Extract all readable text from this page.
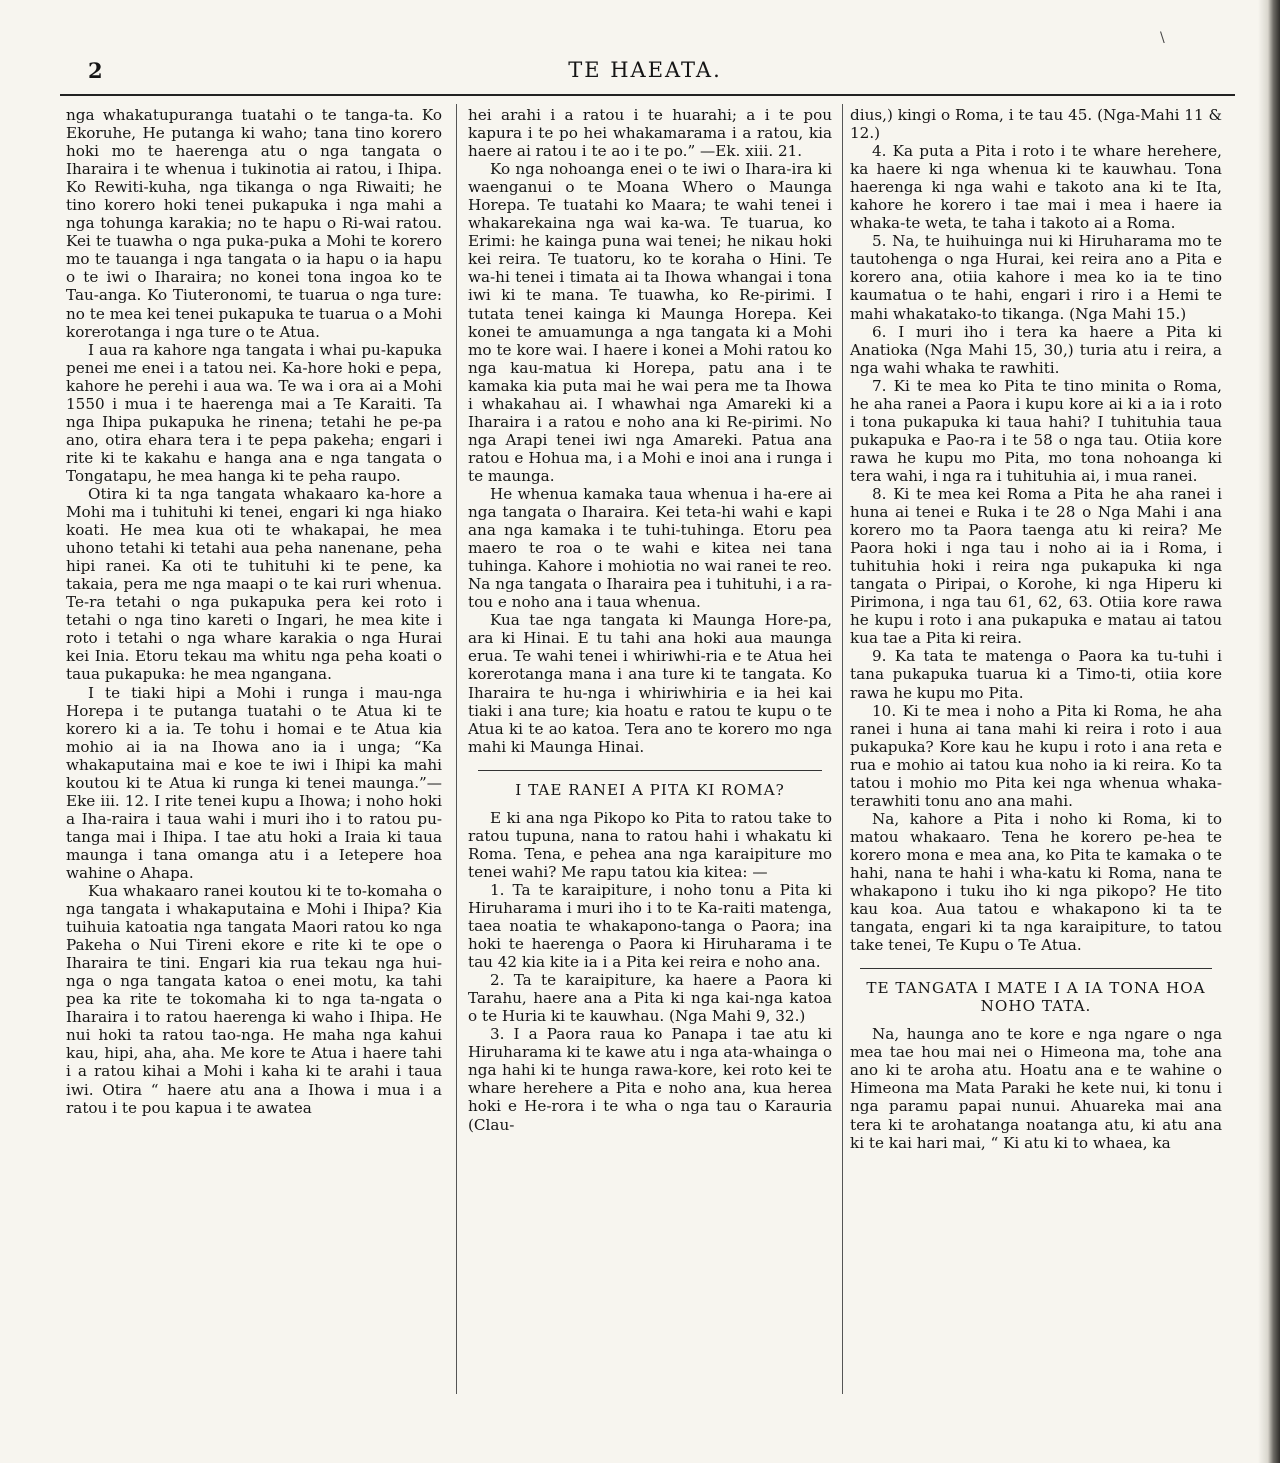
\
2	TE HAEATA.

nga whakatupuranga tuatahi o te tanga-ta. Ko Ekoruhe, He putanga ki waho; tana tino korero hoki mo te haerenga atu o nga tangata o Iharaira i te whenua i tukinotia ai ratou, i Ihipa. Ko Rewiti-kuha, nga tikanga o nga Riwaiti; he tino korero hoki tenei pukapuka i nga mahi a nga tohunga karakia; no te hapu o Ri-wai ratou. Kei te tuawha o nga puka-puka a Mohi te korero mo te tauanga i nga tangata o ia hapu o ia hapu o te iwi o Iharaira; no konei tona ingoa ko te Tau-anga. Ko Tiuteronomi, te tuarua o nga ture: no te mea kei tenei pukapuka te tuarua o a Mohi korerotanga i nga ture o te Atua.

I aua ra kahore nga tangata i whai pu-kapuka penei me enei i a tatou nei. Ka-hore hoki e pepa, kahore he perehi i aua wa. Te wa i ora ai a Mohi 1550 i mua i te haerenga mai a Te Karaiti. Ta nga Ihipa pukapuka he rinena; tetahi he pe-pa ano, otira ehara tera i te pepa pakeha; engari i rite ki te kakahu e hanga ana e nga tangata o Tongatapu, he mea hanga ki te peha raupo.

Otira ki ta nga tangata whakaaro ka-hore a Mohi ma i tuhituhi ki tenei, engari ki nga hiako koati. He mea kua oti te whakapai, he mea uhono tetahi ki tetahi aua peha nanenane, peha hipi ranei. Ka oti te tuhituhi ki te pene, ka takaia, pera me nga maapi o te kai ruri whenua. Te-ra tetahi o nga pukapuka pera kei roto i tetahi o nga tino kareti o Ingari, he mea kite i roto i tetahi o nga whare karakia o nga Hurai kei Inia. Etoru tekau ma whitu nga peha koati o taua pukapuka: he mea ngangana.

I te tiaki hipi a Mohi i runga i mau-nga Horepa i te putanga tuatahi o te Atua ki te korero ki a ia. Te tohu i homai e te Atua kia mohio ai ia na Ihowa ano ia i unga; “Ka whakaputaina mai e koe te iwi i Ihipi ka mahi koutou ki te Atua ki runga ki tenei maunga.”—Eke iii. 12. I rite tenei kupu a Ihowa; i noho hoki a Iha-raira i taua wahi i muri iho i to ratou pu-tanga mai i Ihipa. I tae atu hoki a Iraia ki taua maunga i tana omanga atu i a Ietepere hoa wahine o Ahapa.

Kua whakaaro ranei koutou ki te to-komaha o nga tangata i whakaputaina e Mohi i Ihipa? Kia tuihuia katoatia nga tangata Maori ratou ko nga Pakeha o Nui Tireni ekore e rite ki te ope o Iharaira te tini. Engari kia rua tekau nga hui-nga o nga tangata katoa o enei motu, ka tahi pea ka rite te tokomaha ki to nga ta-ngata o Iharaira i to ratou haerenga ki waho i Ihipa. He nui hoki ta ratou tao-nga. He maha nga kahui kau, hipi, aha, aha. Me kore te Atua i haere tahi i a ratou kihai a Mohi i kaha ki te arahi i taua iwi. Otira “ haere atu ana a Ihowa i mua i a ratou i te pou kapua i te awatea

hei arahi i a ratou i te huarahi; a i te pou kapura i te po hei whakamarama i a ratou, kia haere ai ratou i te ao i te po.” —Ek. xiii. 21.

Ko nga nohoanga enei o te iwi o Ihara-ira ki waenganui o te Moana Whero o Maunga Horepa. Te tuatahi ko Maara; te wahi tenei i whakarekaina nga wai ka-wa. Te tuarua, ko Erimi: he kainga puna wai tenei; he nikau hoki kei reira. Te tuatoru, ko te koraha o Hini. Te wa-hi tenei i timata ai ta Ihowa whangai i tona iwi ki te mana. Te tuawha, ko Re-pirimi. I tutata tenei kainga ki Maunga Horepa. Kei konei te amuamunga a nga tangata ki a Mohi mo te kore wai. I haere i konei a Mohi ratou ko nga kau-matua ki Horepa, patu ana i te kamaka kia puta mai he wai pera me ta Ihowa i whakahau ai. I whawhai nga Amareki ki a Iharaira i a ratou e noho ana ki Re-pirimi. No nga Arapi tenei iwi nga Amareki. Patua ana ratou e Hohua ma, i a Mohi e inoi ana i runga i te maunga.

He whenua kamaka taua whenua i ha-ere ai nga tangata o Iharaira. Kei teta-hi wahi e kapi ana nga kamaka i te tuhi-tuhinga. Etoru pea maero te roa o te wahi e kitea nei tana tuhinga. Kahore i mohiotia no wai ranei te reo. Na nga tangata o Iharaira pea i tuhituhi, i a ra-tou e noho ana i taua whenua.

Kua tae nga tangata ki Maunga Hore-pa, ara ki Hinai. E tu tahi ana hoki aua maunga erua. Te wahi tenei i whiriwhi-ria e te Atua hei korerotanga mana i ana ture ki te tangata. Ko Iharaira te hu-nga i whiriwhiria e ia hei kai tiaki i ana ture; kia hoatu e ratou te kupu o te Atua ki te ao katoa. Tera ano te korero mo nga mahi ki Maunga Hinai.

I TAE RANEI A PITA KI ROMA?

E ki ana nga Pikopo ko Pita to ratou take to ratou tupuna, nana to ratou hahi i whakatu ki Roma. Tena, e pehea ana nga karaipiture mo tenei wahi? Me rapu tatou kia kitea: —

1. Ta te karaipiture, i noho tonu a Pita ki Hiruharama i muri iho i to te Ka-raiti matenga, taea noatia te whakapono-tanga o Paora; ina hoki te haerenga o Paora ki Hiruharama i te tau 42 kia kite ia i a Pita kei reira e noho ana.

2. Ta te karaipiture, ka haere a Paora ki Tarahu, haere ana a Pita ki nga kai-nga katoa o te Huria ki te kauwhau. (Nga Mahi 9, 32.)

3. I a Paora raua ko Panapa i tae atu ki Hiruharama ki te kawe atu i nga ata-whainga o nga hahi ki te hunga rawa-kore, kei roto kei te whare herehere a Pita e noho ana, kua herea hoki e He-rora i te wha o nga tau o Karauria (Clau-

dius,) kingi o Roma, i te tau 45. (Nga-Mahi 11 & 12.)

4. Ka puta a Pita i roto i te whare herehere, ka haere ki nga whenua ki te kauwhau. Tona haerenga ki nga wahi e takoto ana ki te Ita, kahore he korero i tae mai i mea i haere ia whaka-te weta, te taha i takoto ai a Roma.

5. Na, te huihuinga nui ki Hiruharama mo te tautohenga o nga Hurai, kei reira ano a Pita e korero ana, otiia kahore i mea ko ia te tino kaumatua o te hahi, engari i riro i a Hemi te mahi whakatako-to tikanga. (Nga Mahi 15.)

6. I muri iho i tera ka haere a Pita ki Anatioka (Nga Mahi 15, 30,) turia atu i reira, a nga wahi whaka te rawhiti.

7. Ki te mea ko Pita te tino minita o Roma, he aha ranei a Paora i kupu kore ai ki a ia i roto i tona pukapuka ki taua hahi? I tuhituhia taua pukapuka e Pao-ra i te 58 o nga tau. Otiia kore rawa he kupu mo Pita, mo tona nohoanga ki tera wahi, i nga ra i tuhituhia ai, i mua ranei.

8. Ki te mea kei Roma a Pita he aha ranei i huna ai tenei e Ruka i te 28 o Nga Mahi i ana korero mo ta Paora taenga atu ki reira? Me Paora hoki i nga tau i noho ai ia i Roma, i tuhituhia hoki i reira nga pukapuka ki nga tangata o Piripai, o Korohe, ki nga Hiperu ki Pirimona, i nga tau 61, 62, 63. Otiia kore rawa he kupu i roto i ana pukapuka e matau ai tatou kua tae a Pita ki reira.

9. Ka tata te matenga o Paora ka tu-tuhi i tana pukapuka tuarua ki a Timo-ti, otiia kore rawa he kupu mo Pita.

10. Ki te mea i noho a Pita ki Roma, he aha ranei i huna ai tana mahi ki reira i roto i aua pukapuka? Kore kau he kupu i roto i ana reta e rua e mohio ai tatou kua noho ia ki reira. Ko ta tatou i mohio mo Pita kei nga whenua whaka-terawhiti tonu ano ana mahi.

Na, kahore a Pita i noho ki Roma, ki to matou whakaaro. Tena he korero pe-hea te korero mona e mea ana, ko Pita te kamaka o te hahi, nana te hahi i wha-katu ki Roma, nana te whakapono i tuku iho ki nga pikopo? He tito kau koa. Aua tatou e whakapono ki ta te tangata, engari ki ta nga karaipiture, to tatou take tenei, Te Kupu o Te Atua.

TE TANGATA I MATE I A IA TONA HOA NOHO TATA.

Na, haunga ano te kore e nga ngare o nga mea tae hou mai nei o Himeona ma, tohe ana ano ki te aroha atu. Hoatu ana e te wahine o Himeona ma Mata Paraki he kete nui, ki tonu i nga paramu papai nunui. Ahuareka mai ana tera ki te arohatanga noatanga atu, ki atu ana ki te kai hari mai, “ Ki atu ki to whaea, ka
